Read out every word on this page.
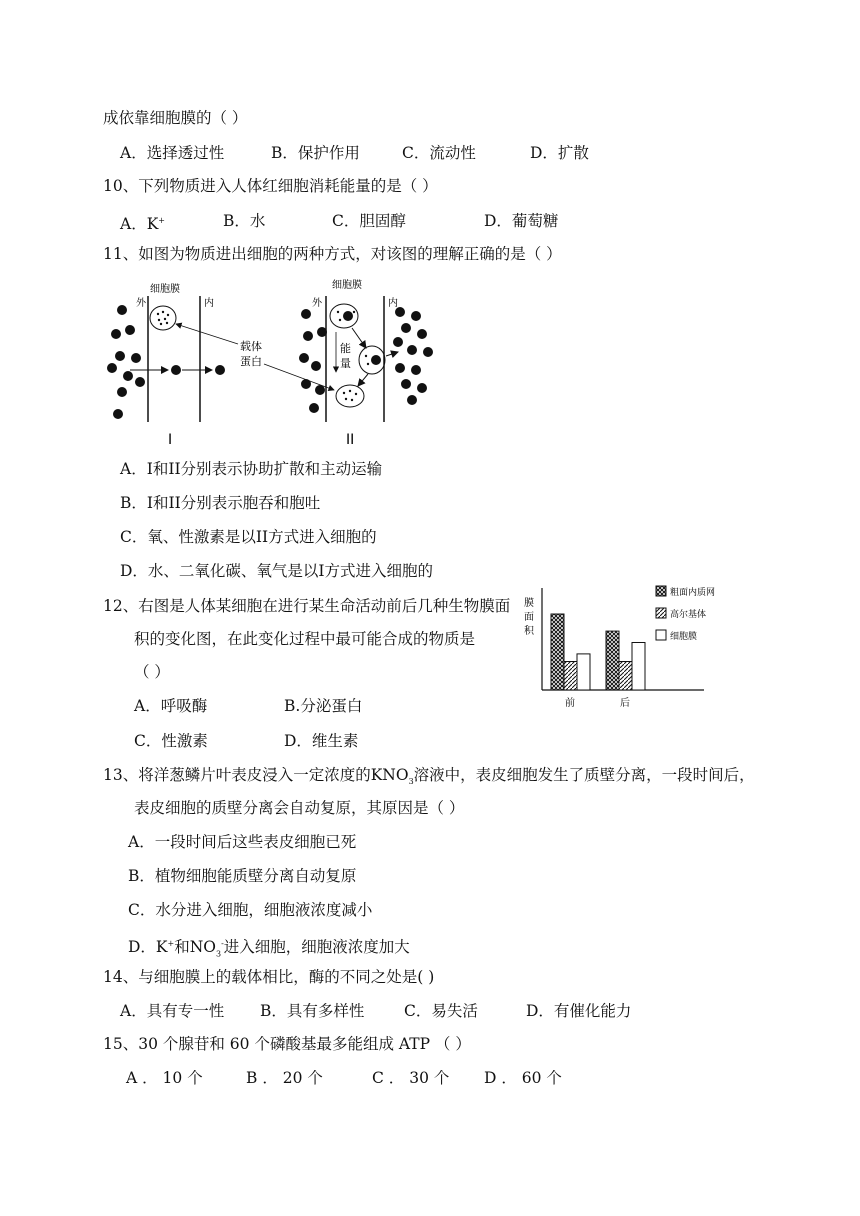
成依靠细胞膜的（ ）
A．选择透过性	B．保护作用	C．流动性	D．扩散
10、下列物质进入人体红细胞消耗能量的是（ ）
A．K+	B．水	C．胆固醇	D．葡萄糖
11、如图为物质进出细胞的两种方式，对该图的理解正确的是（ ）
细胞膜
外	内
I
载体
蛋白
细胞膜
外	内
能
量
II
A．I和II分别表示协助扩散和主动运输
B．I和II分别表示胞吞和胞吐
C．氧、性激素是以II方式进入细胞的
D．水、二氧化碳、氧气是以I方式进入细胞的
12、右图是人体某细胞在进行某生命活动前后几种生物膜面
积的变化图，在此变化过程中最可能合成的物质是
（ ）
A．呼吸酶	B.分泌蛋白
C．性激素	D．维生素
膜
面
积
前	后
粗面内质网
高尔基体
细胞膜
13、将洋葱鳞片叶表皮浸入一定浓度的$KNO_3$溶液中，表皮细胞发生了质壁分离，一段时间后，
表皮细胞的质壁分离会自动复原，其原因是（ ）
A．一段时间后这些表皮细胞已死
B．植物细胞能质壁分离自动复原
C．水分进入细胞，细胞液浓度减小
D．K+和$NO_3^-$进入细胞，细胞液浓度加大
14、与细胞膜上的载体相比，酶的不同之处是( )
A．具有专一性 B．具有多样性	C．易失活	D．有催化能力
15、30 个腺苷和 60 个磷酸基最多能组成 ATP （ ）
A ． 10 个	B ． 20 个	C ． 30 个 D ． 60 个
